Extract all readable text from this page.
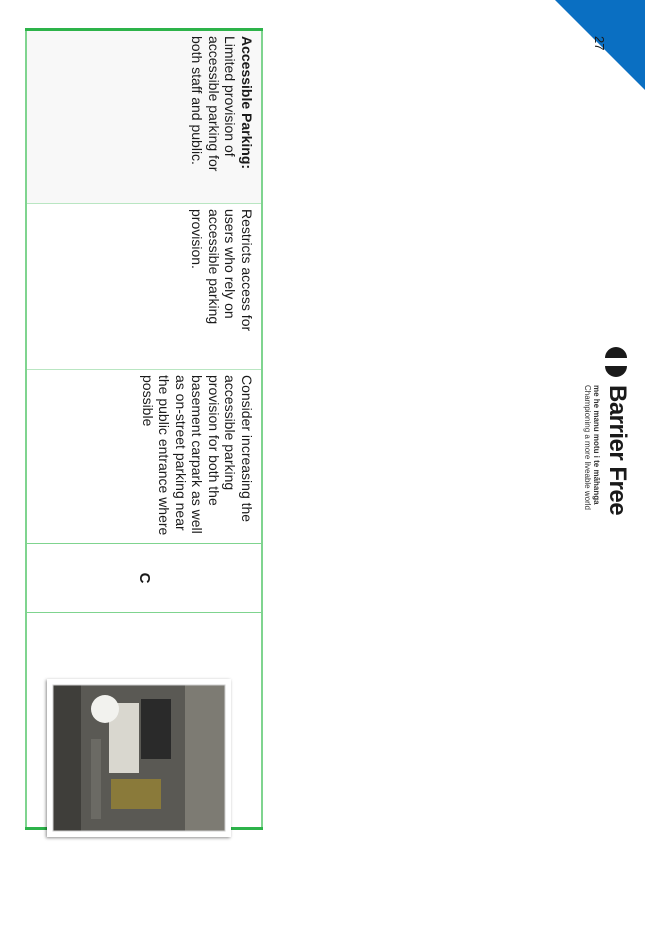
Accessible Parking:
Limited provision of accessible parking for both staff and public.

Restricts access for users who rely on accessible parking provision.

Consider increasing the accessible parking provision for both the basement carpark as well as on-street parking near the public entrance where possible
	C	
Barrier Free
me he manu motu i te māhanga
Championing a more liveable world
27
